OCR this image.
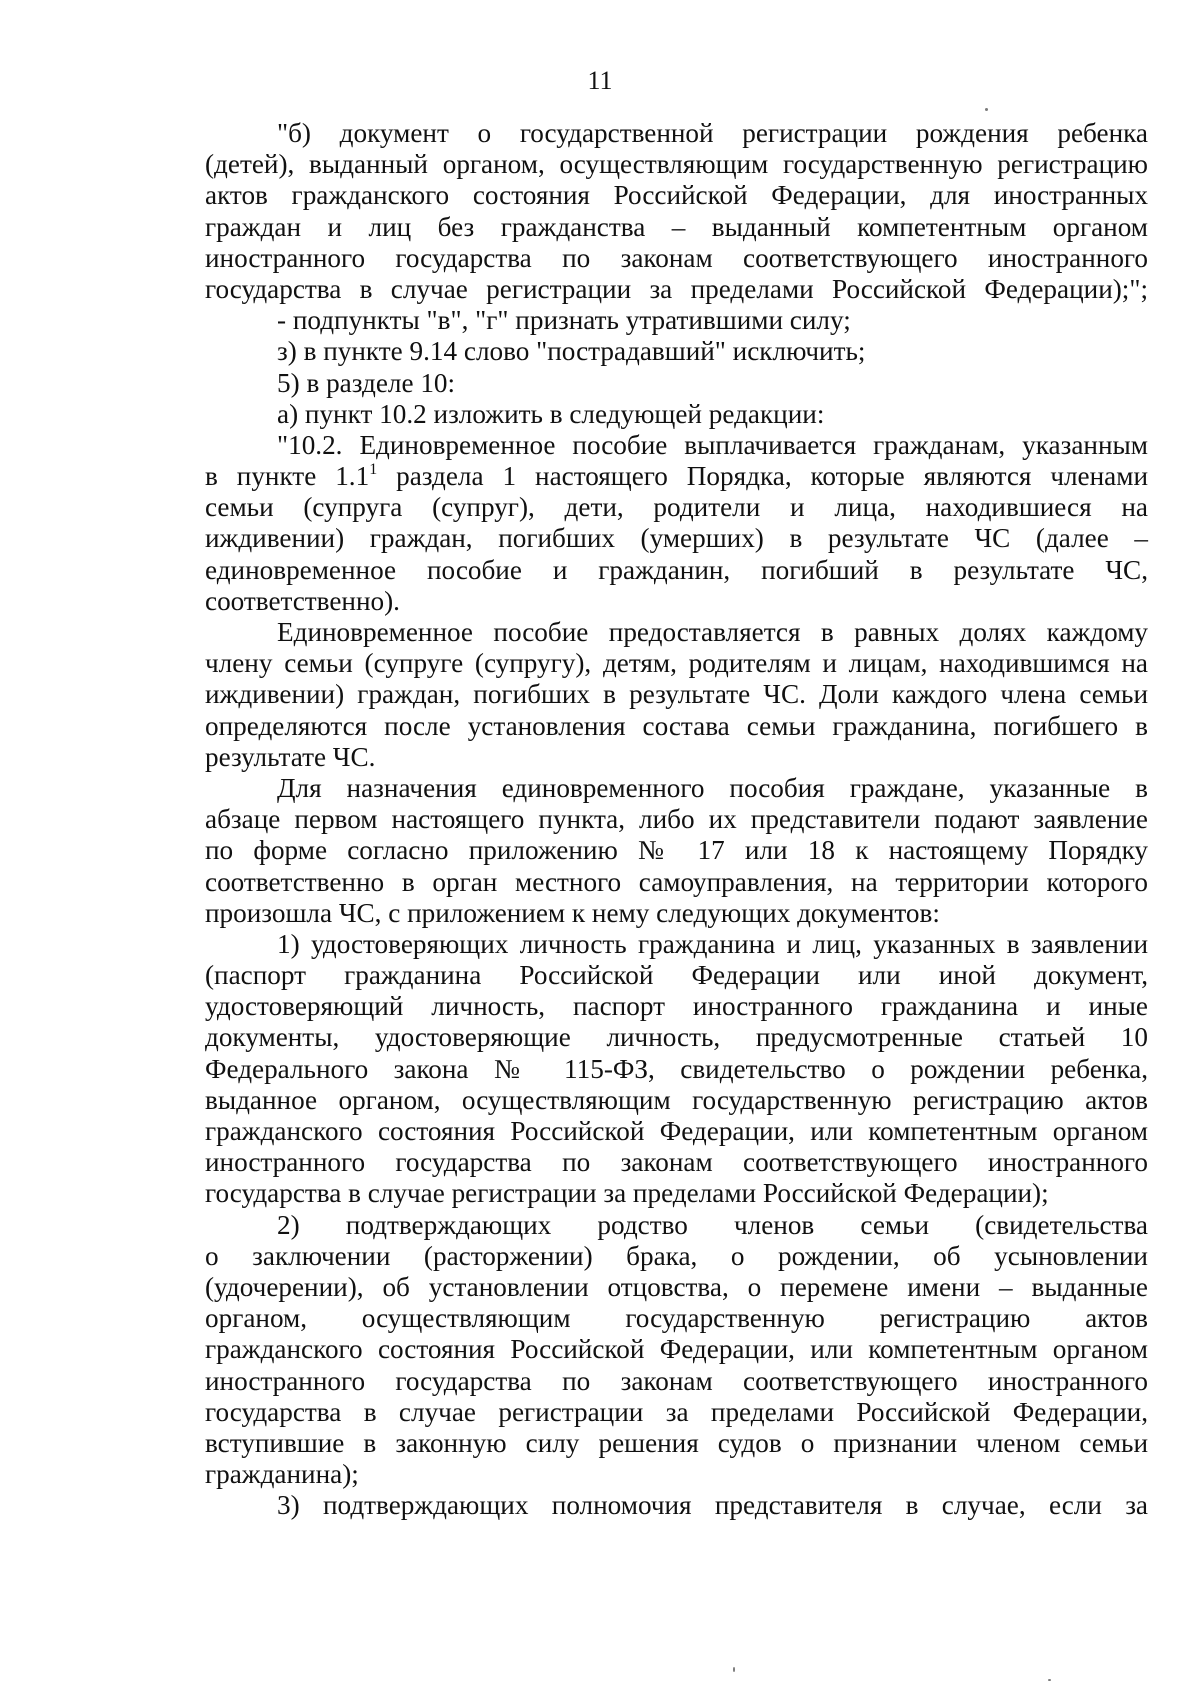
11
"б) документ о государственной регистрации рождения ребенка
(детей), выданный органом, осуществляющим государственную регистрацию
актов гражданского состояния Российской Федерации, для иностранных
граждан и лиц без гражданства – выданный компетентным органом
иностранного государства по законам соответствующего иностранного
государства в случае регистрации за пределами Российской Федерации);";
- подпункты "в", "г" признать утратившими силу;
з) в пункте 9.14 слово "пострадавший" исключить;
5) в разделе 10:
а) пункт 10.2 изложить в следующей редакции:
"10.2. Единовременное пособие выплачивается гражданам, указанным
в пункте $1.1^1$ раздела 1 настоящего Порядка, которые являются членами
семьи (супруга (супруг), дети, родители и лица, находившиеся на
иждивении) граждан, погибших (умерших) в результате ЧС (далее –
единовременное пособие и гражданин, погибший в результате ЧС,
соответственно).
Единовременное пособие предоставляется в равных долях каждому
члену семьи (супруге (супругу), детям, родителям и лицам, находившимся на
иждивении) граждан, погибших в результате ЧС. Доли каждого члена семьи
определяются после установления состава семьи гражданина, погибшего в
результате ЧС.
Для назначения единовременного пособия граждане, указанные в
абзаце первом настоящего пункта, либо их представители подают заявление
по форме согласно приложению № 17 или 18 к настоящему Порядку
соответственно в орган местного самоуправления, на территории которого
произошла ЧС, с приложением к нему следующих документов:
1) удостоверяющих личность гражданина и лиц, указанных в заявлении
(паспорт гражданина Российской Федерации или иной документ,
удостоверяющий личность, паспорт иностранного гражданина и иные
документы, удостоверяющие личность, предусмотренные статьей 10
Федерального закона № 115-ФЗ, свидетельство о рождении ребенка,
выданное органом, осуществляющим государственную регистрацию актов
гражданского состояния Российской Федерации, или компетентным органом
иностранного государства по законам соответствующего иностранного
государства в случае регистрации за пределами Российской Федерации);
2) подтверждающих родство членов семьи (свидетельства
о заключении (расторжении) брака, о рождении, об усыновлении
(удочерении), об установлении отцовства, о перемене имени – выданные
органом, осуществляющим государственную регистрацию актов
гражданского состояния Российской Федерации, или компетентным органом
иностранного государства по законам соответствующего иностранного
государства в случае регистрации за пределами Российской Федерации,
вступившие в законную силу решения судов о признании членом семьи
гражданина);
3) подтверждающих полномочия представителя в случае, если за
